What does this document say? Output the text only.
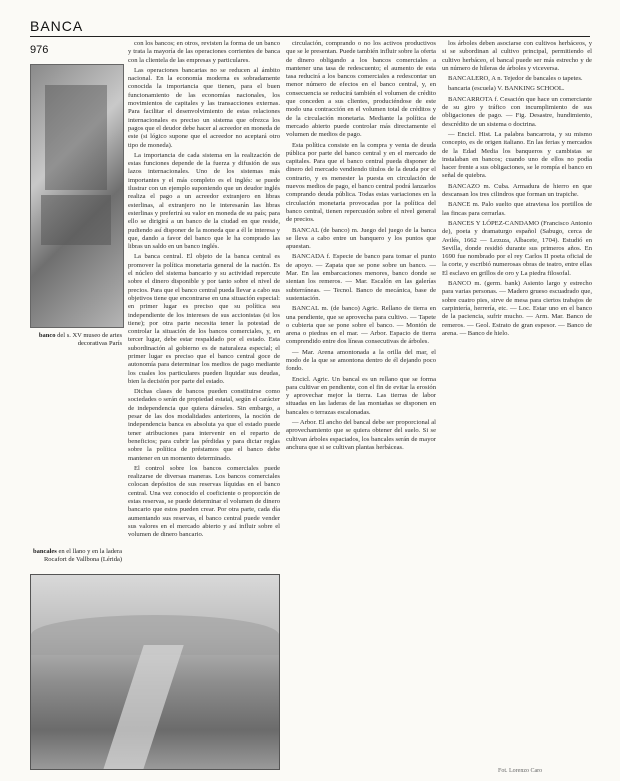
BANCA
976
banco del s. XV museo de artes decorativas París
bancales en el llano y en la ladera Rocafort de Vallbona (Lérida)

con los bancos; en otros, revisten la forma de un banco y trata la mayoría de las operaciones corrientes de banca con la clientela de las empresas y particulares.

Las operaciones bancarias no se reducen al ámbito nacional. En la economía moderna es sobradamente conocida la importancia que tienen, para el buen funcionamiento de las economías nacionales, los movimientos de capitales y las transacciones externas. Para facilitar el desenvolvimiento de estas relaciones internacionales es preciso un sistema que ofrezca los pagos que el deudor debe hacer al acreedor en moneda de este (si lógico supone que el acreedor no aceptará otro tipo de moneda).

La importancia de cada sistema en la realización de estas funciones depende de la fuerza y difusión de sus lazos internacionales. Uno de los sistemas más importantes y el más completo es el inglés: se puede ilustrar con un ejemplo suponiendo que un deudor inglés realiza el pago a un acreedor extranjero en libras esterlinas, al extranjero no le interesarán las libras esterlinas y preferirá su valor en moneda de su país; para ello se dirigirá a un banco de la ciudad en que reside, pudiendo así disponer de la moneda que a él le interesa y que, dando a favor del banco que le ha comprado las libras un saldo en un banco inglés.

La banca central. El objeto de la banca central es promover la política monetaria general de la nación. Es el núcleo del sistema bancario y su actividad repercute sobre el dinero disponible y por tanto sobre el nivel de precios. Para que el banco central pueda llevar a cabo sus objetivos tiene que encontrarse en una situación especial: en primer lugar es preciso que su política sea independiente de los intereses de sus accionistas (si los tiene); por otra parte necesita tener la potestad de controlar la situación de los bancos comerciales, y, en tercer lugar, debe estar respaldado por el estado. Esta subordinación al gobierno es de naturaleza especial; el primer lugar es preciso que el banco central goce de autonomía para determinar los medios de pago mediante los cuales los particulares pueden liquidar sus deudas, bien la decisión por parte del estado.

Dichas clases de bancos pueden constituirse como sociedades o serán de propiedad estatal, según el carácter de independencia que quiera dárseles. Sin embargo, a pesar de las dos modalidades anteriores, la noción de independencia banca es absoluta ya que el estado puede tener atribuciones para intervenir en el reparto de beneficios; para cubrir las pérdidas y para dictar reglas sobre la política de préstamos que el banco debe mantener en un momento determinado.

El control sobre los bancos comerciales puede realizarse de diversas maneras. Los bancos comerciales colocan depósitos de sus reservas líquidas en el banco central. Una vez conocido el coeficiente o proporción de estas reservas, se puede determinar el volumen de dinero bancario que estos pueden crear. Por otra parte, cada día aumentando sus reservas, el banco central puede vender sus valores en el mercado abierto y así influir sobre el volumen de dinero bancario.

circulación, comprando o no los activos productivos que se le presentan. Puede también influir sobre la oferta de dinero obligando a los bancos comerciales a mantener una tasa de redescuento; el aumento de esta tasa reducirá a los bancos comerciales a redescontar un menor número de efectos en el banco central, y, en consecuencia se reducirá también el volumen de crédito que conceden a sus clientes, produciéndose de este modo una contracción en el volumen total de créditos y de la circulación monetaria. Mediante la política de mercado abierto puede controlar más directamente el volumen de medios de pago.

Esta política consiste en la compra y venta de deuda pública por parte del banco central y en el mercado de capitales. Para que el banco central pueda disponer de dinero del mercado vendiendo títulos de la deuda por el contrario, y es menester la puesta en circulación de nuevos medios de pago, el banco central podrá lanzarlos comprando deuda pública. Todas estas variaciones en la circulación monetaria provocadas por la política del banco central, tienen repercusión sobre el nivel general de precios.

BANCAL (de banco) m. Juego del juego de la banca se lleva a cabo entre un banquero y los puntos que apuestan.

BANCADA f. Especie de banco para tomar el punto de apoyo. — Zapata que se pone sobre un banco. — Mar. En las embarcaciones menores, banco donde se sientan los remeros. — Mar. Escalón en las galerías subterráneas. — Tecnol. Banco de mecánica, base de sustentación.

BANCAL m. (de banco) Agric. Rellano de tierra en una pendiente, que se aprovecha para cultivo. — Tapete o cubierta que se pone sobre el banco. — Montón de arena o piedras en el mar. — Arbor. Espacio de tierra comprendido entre dos líneas consecutivas de árboles.

— Mar. Arena amontonada a la orilla del mar, el modo de la que se amontona dentro de él dejando poco fondo.

Encicl. Agric. Un bancal es un rellano que se forma para cultivar en pendiente, con el fin de evitar la erosión y aprovechar mejor la tierra. Las tierras de labor situadas en las laderas de las montañas se disponen en bancales o terrazas escalonadas.

— Arbor. El ancho del bancal debe ser proporcional al aprovechamiento que se quiera obtener del suelo. Si se cultivan árboles espaciados, los bancales serán de mayor anchura que si se cultivan plantas herbáceas.

los árboles deben asociarse con cultivos herbáceos, y si se subordinan al cultivo principal, permitiendo el cultivo herbáceo, el bancal puede ser más estrecho y de un número de hileras de árboles y viceversa.

BANCALERO, A n. Tejedor de bancales o tapetes.

bancaria (escuela) V. BANKING SCHOOL.

BANCARROTA f. Cesación que hace un comerciante de su giro y tráfico con incumplimiento de sus obligaciones de pago. — Fig. Desastre, hundimiento, descrédito de un sistema o doctrina.

— Encicl. Hist. La palabra bancarrota, y su mismo concepto, es de origen italiano. En las ferias y mercados de la Edad Media los banqueros y cambistas se instalaban en bancos; cuando uno de ellos no podía hacer frente a sus obligaciones, se le rompía el banco en señal de quiebra.

BANCAZO m. Cuba. Armadura de hierro en que descansan los tres cilindros que forman un trapiche.

BANCE m. Palo suelto que atraviesa los portillos de las fincas para cerrarlas.

BANCES Y LÓPEZ-CANDAMO (Francisco Antonio de), poeta y dramaturgo español (Sabugo, cerca de Avilés, 1662 — Lezuza, Albacete, 1704). Estudió en Sevilla, donde residió durante sus primeros años. En 1690 fue nombrado por el rey Carlos II poeta oficial de la corte, y escribió numerosas obras de teatro, entre ellas El esclavo en grillos de oro y La piedra filosofal.

BANCO m. (germ. bank) Asiento largo y estrecho para varias personas. — Madero grueso escuadrado que, sobre cuatro pies, sirve de mesa para ciertos trabajos de carpintería, herrería, etc. — Loc. Estar uno en el banco de la paciencia, sufrir mucho. — Arm. Mar. Banco de remeros. — Geol. Estrato de gran espesor. — Banco de arena. — Banco de hielo.

Fot. Lorenzo Caro
